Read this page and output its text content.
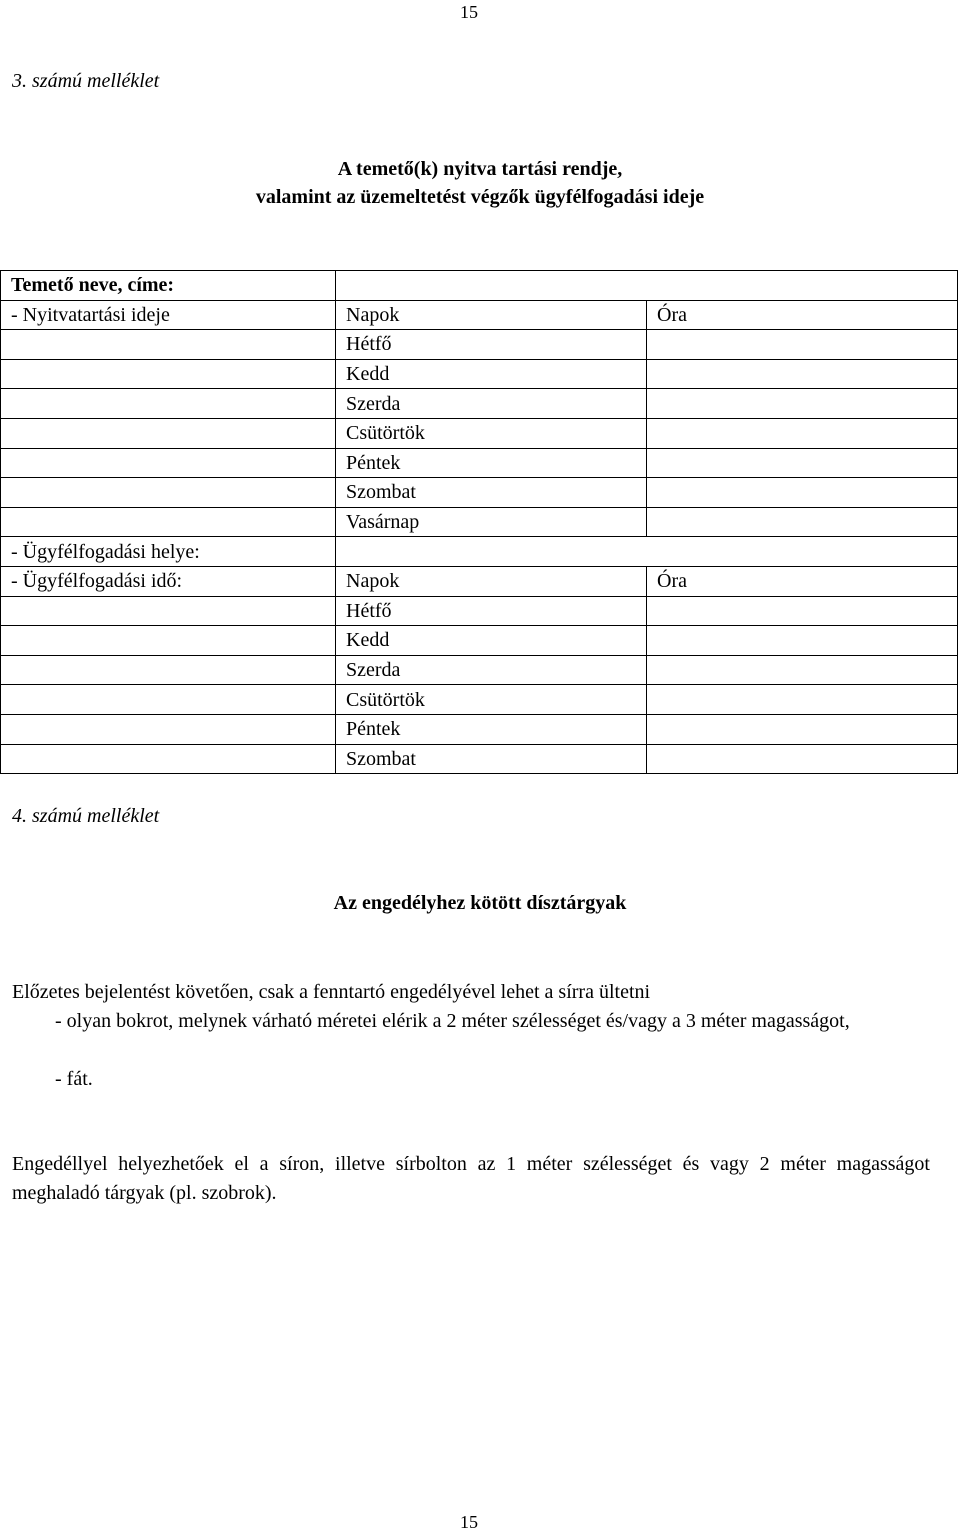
15
3. számú melléklet
A temető(k) nyitva tartási rendje,
valamint az üzemeltetést végzők ügyfélfogadási ideje
Temető neve, címe:		
- Nyitvatartási ideje	Napok	Óra
	Hétfő	
	Kedd	
	Szerda	
	Csütörtök	
	Péntek	
	Szombat	
	Vasárnap	
- Ügyfélfogadási helye:		
- Ügyfélfogadási idő:	Napok	Óra
	Hétfő	
	Kedd	
	Szerda	
	Csütörtök	
	Péntek	
	Szombat	
4. számú melléklet
Az engedélyhez kötött dísztárgyak
Előzetes bejelentést követően, csak a fenntartó engedélyével lehet a sírra ültetni
- olyan bokrot, melynek várható méretei elérik a 2 méter szélességet és/vagy a 3 méter magasságot,
- fát.
Engedéllyel helyezhetőek el a síron, illetve sírbolton az 1 méter szélességet és vagy 2 méter magasságot meghaladó tárgyak (pl. szobrok).
15
